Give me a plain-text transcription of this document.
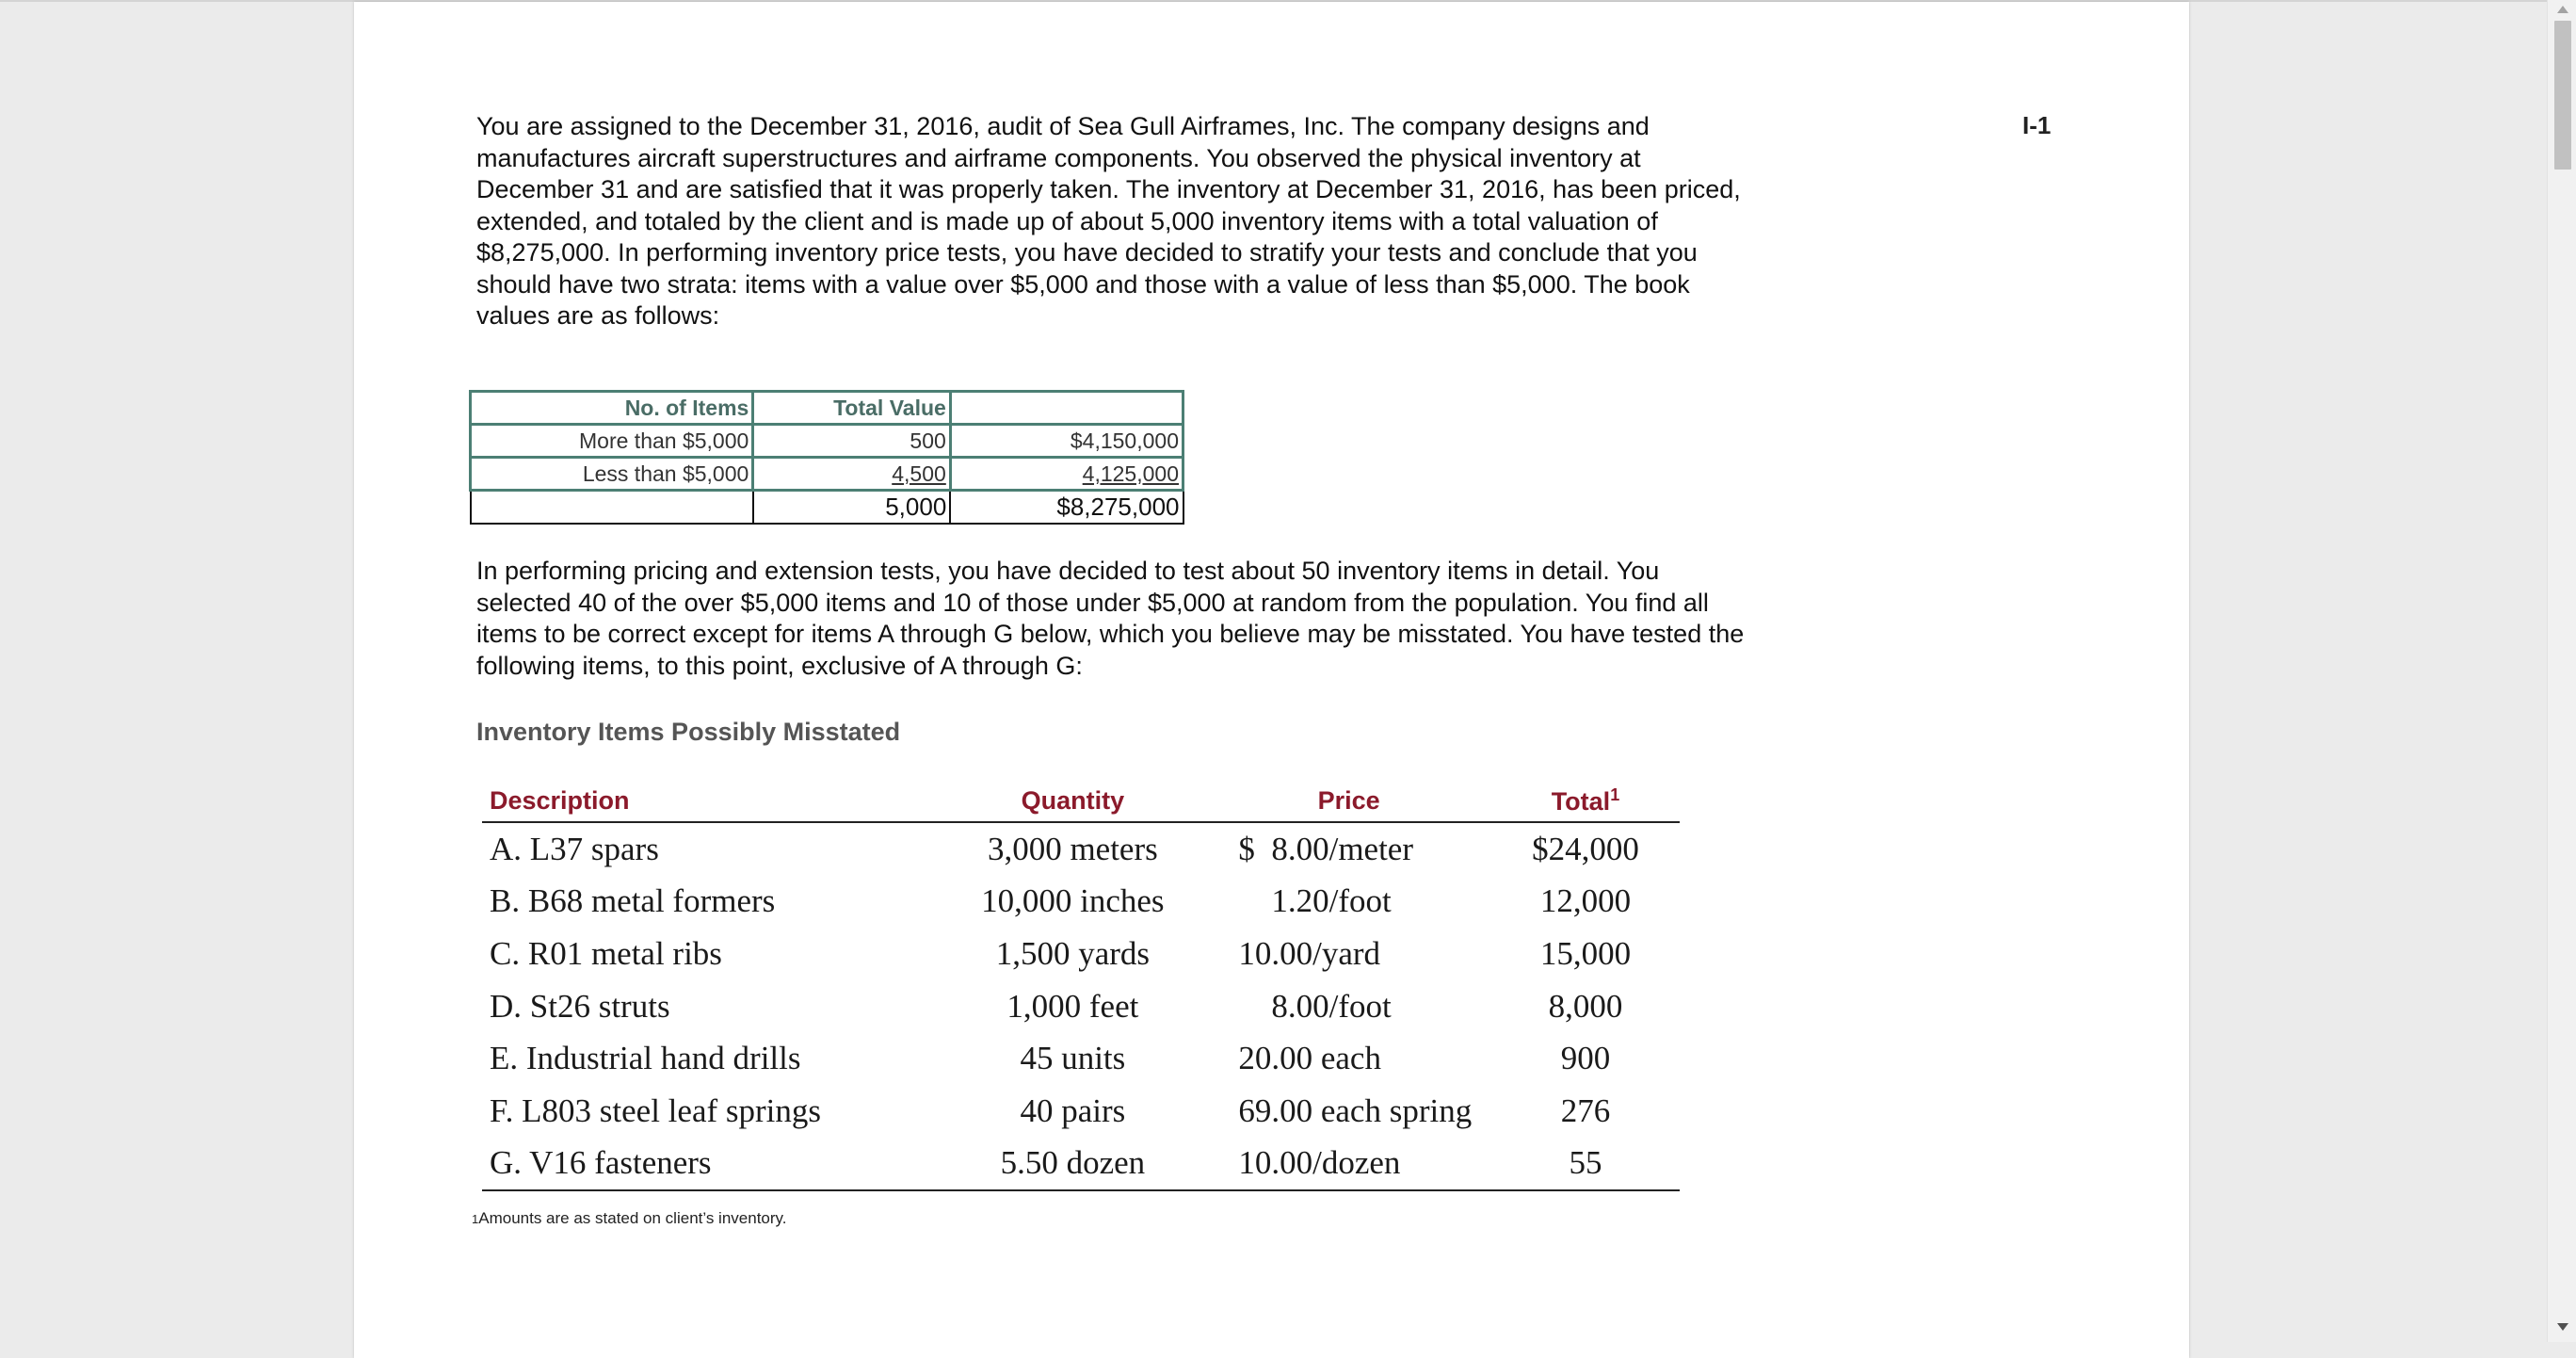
I-1

You are assigned to the December 31, 2016, audit of Sea Gull Airframes, Inc. The company designs and manufactures aircraft superstructures and airframe components. You observed the physical inventory at December 31 and are satisfied that it was properly taken. The inventory at December 31, 2016, has been priced, extended, and totaled by the client and is made up of about 5,000 inventory items with a total valuation of $8,275,000. In performing inventory price tests, you have decided to stratify your tests and conclude that you should have two strata: items with a value over $5,000 and those with a value of less than $5,000. The book values are as follows:

No. of Items	Total Value	
More than $5,000	500	$4,150,000
Less than $5,000	4,500	4,125,000
	5,000	$8,275,000

In performing pricing and extension tests, you have decided to test about 50 inventory items in detail. You selected 40 of the over $5,000 items and 10 of those under $5,000 at random from the population. You find all items to be correct except for items A through G below, which you believe may be misstated. You have tested the following items, to this point, exclusive of A through G:

Inventory Items Possibly Misstated
Description	Quantity	Price	Total$^1$
A. L37 spars	3,000 meters	$  8.00/meter	$24,000
B. B68 metal formers	10,000 inches	1.20/foot	12,000
C. R01 metal ribs	1,500 yards	10.00/yard	15,000
D. St26 struts	1,000 feet	8.00/foot	8,000
E. Industrial hand drills	45 units	20.00 each	900
F. L803 steel leaf springs	40 pairs	69.00 each spring	276
G. V16 fasteners	5.50 dozen	10.00/dozen	55
1Amounts are as stated on client’s inventory.
